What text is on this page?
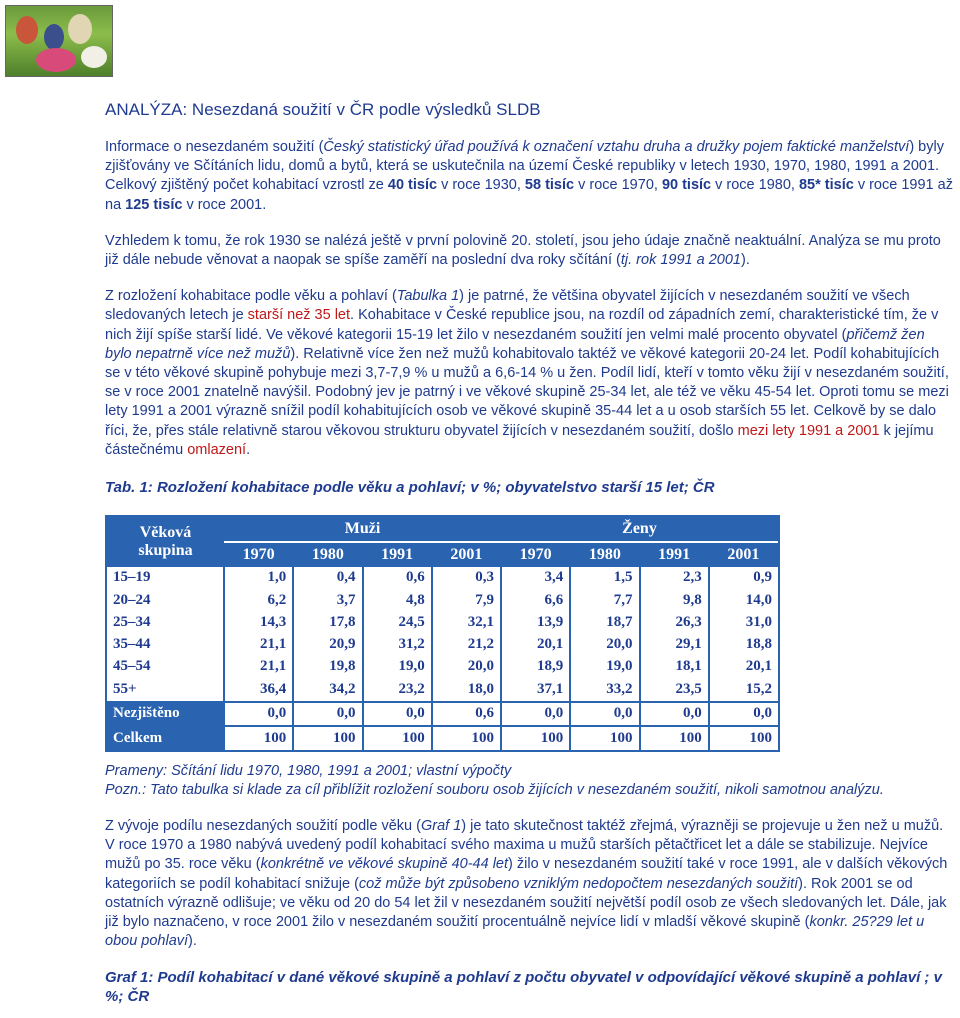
ANALÝZA: Nesezdaná soužití v ČR podle výsledků SLDB

Informace o nesezdaném soužití (Český statistický úřad používá k označení vztahu druha a družky pojem faktické manželství) byly zjišťovány ve Sčítáních lidu, domů a bytů, která se uskutečnila na území České republiky v letech 1930, 1970, 1980, 1991 a 2001. Celkový zjištěný počet kohabitací vzrostl ze 40 tisíc v roce 1930, 58 tisíc v roce 1970, 90 tisíc v roce 1980, 85* tisíc v roce 1991 až na 125 tisíc v roce 2001.

Vzhledem k tomu, že rok 1930 se nalézá ještě v první polovině 20. století, jsou jeho údaje značně neaktuální. Analýza se mu proto již dále nebude věnovat a naopak se spíše zaměří na poslední dva roky sčítání (tj. rok 1991 a 2001).

Z rozložení kohabitace podle věku a pohlaví (Tabulka 1) je patrné, že většina obyvatel žijících v nesezdaném soužití ve všech sledovaných letech je starší než 35 let. Kohabitace v České republice jsou, na rozdíl od západních zemí, charakteristické tím, že v nich žijí spíše starší lidé. Ve věkové kategorii 15-19 let žilo v nesezdaném soužití jen velmi malé procento obyvatel (přičemž žen bylo nepatrně více než mužů). Relativně více žen než mužů kohabitovalo taktéž ve věkové kategorii 20-24 let. Podíl kohabitujících se v této věkové skupině pohybuje mezi 3,7-7,9 % u mužů a 6,6-14 % u žen. Podíl lidí, kteří v tomto věku žijí v nesezdaném soužití, se v roce 2001 znatelně navýšil. Podobný jev je patrný i ve věkové skupině 25-34 let, ale též ve věku 45-54 let. Oproti tomu se mezi lety 1991 a 2001 výrazně snížil podíl kohabitujících osob ve věkové skupině 35-44 let a u osob starších 55 let. Celkově by se dalo říci, že, přes stále relativně starou věkovou strukturu obyvatel žijících v nesezdaném soužití, došlo mezi lety 1991 a 2001 k jejímu částečnému omlazení.

Tab. 1: Rozložení kohabitace podle věku a pohlaví; v %; obyvatelstvo starší 15 let; ČR

Věková skupina	Muži				Ženy			
	1970	1980	1991	2001	1970	1980	1991	2001
15–19	1,0	0,4	0,6	0,3	3,4	1,5	2,3	0,9
20–24	6,2	3,7	4,8	7,9	6,6	7,7	9,8	14,0
25–34	14,3	17,8	24,5	32,1	13,9	18,7	26,3	31,0
35–44	21,1	20,9	31,2	21,2	20,1	20,0	29,1	18,8
45–54	21,1	19,8	19,0	20,0	18,9	19,0	18,1	20,1
55+	36,4	34,2	23,2	18,0	37,1	33,2	23,5	15,2
Nezjištěno	0,0	0,0	0,0	0,6	0,0	0,0	0,0	0,0
Celkem	100	100	100	100	100	100	100	100

Prameny: Sčítání lidu 1970, 1980, 1991 a 2001; vlastní výpočty

Pozn.: Tato tabulka si klade za cíl přiblížit rozložení souboru osob žijících v nesezdaném soužití, nikoli samotnou analýzu.

Z vývoje podílu nesezdaných soužití podle věku (Graf 1) je tato skutečnost taktéž zřejmá, výrazněji se projevuje u žen než u mužů. V roce 1970 a 1980 nabývá uvedený podíl kohabitací svého maxima u mužů starších pětačtřicet let a dále se stabilizuje. Nejvíce mužů po 35. roce věku (konkrétně ve věkové skupině 40-44 let) žilo v nesezdaném soužití také v roce 1991, ale v dalších věkových kategoriích se podíl kohabitací snižuje (což může být způsobeno vzniklým nedopočtem nesezdaných soužití). Rok 2001 se od ostatních výrazně odlišuje; ve věku od 20 do 54 let žil v nesezdaném soužití největší podíl osob ze všech sledovaných let. Dále, jak již bylo naznačeno, v roce 2001 žilo v nesezdaném soužití procentuálně nejvíce lidí v mladší věkové skupině (konkr. 25?29 let u obou pohlaví).

Graf 1: Podíl kohabitací v dané věkové skupině a pohlaví z počtu obyvatel v odpovídající věkové skupině a pohlaví ; v %; ČR
